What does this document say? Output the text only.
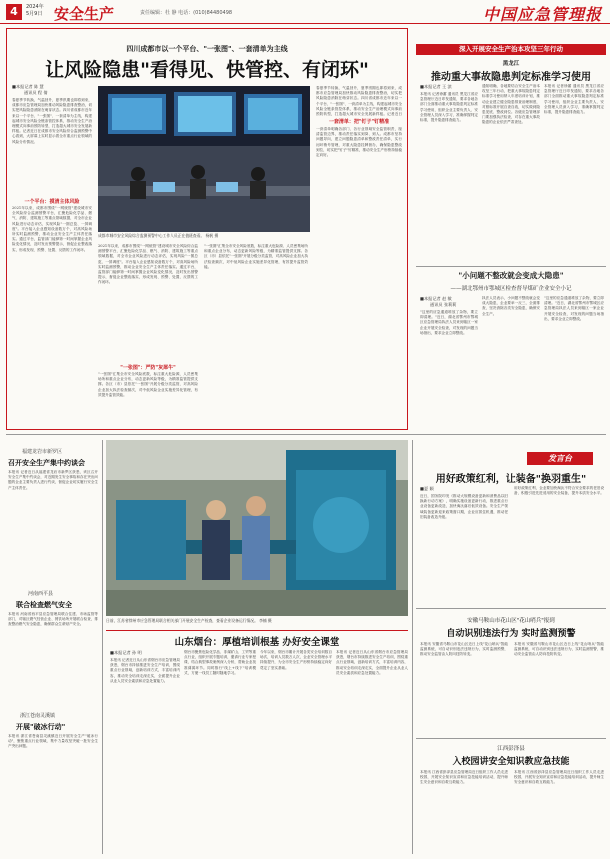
4	2024年
5月9日 安全生产	责任编辑：杜 静 电话：(010)84480498	中国应急管理报
四川成都市以一个平台、"一张图"、一套清单为主线
让风险隐患"看得见、快管控、有闭环"
■本报记者 陈 慧
通讯员 程 倩
春夏季节转换，气温回升，夏季汛期也即将到来，成都市应急管理局加快推动风险隐患排查整治，切实把风险隐患消除在萌芽状态。四川省成都市近年来以一个平台、"一张图"、一套清单为主线，构建起城市安全风险全链条管控体系，推动安全生产治理模式向事前预防转型，打造超大城市安全发展新样板。记者近日在成都市安全风险综合监测预警中心看到，大屏幕上实时显示着全市重点行业领域的风险分布情况。
一个平台：摸清主体风险
2021年以来，成都市围绕"一网统管"建设城市安全风险综合监测预警平台，汇聚危险化学品、燃气、消防、建筑施工等重点领域数据，对全市企业风险进行动态评估，实现风险"一图总览、一屏调度"。平台接入企业感知设备数万个，对高风险场所实时监测预警，推动企业安全生产主体责任落实。通过平台，监管部门能够第一时间掌握企业风险变化情况，及时发出预警提示，督促企业整改落实，形成发现、预警、处置、反馈的工作闭环。
成都市城市安全风险综合监测预警中心工作人员正在值班查看。 杨帆 摄
2021年以来，成都市围绕"一网统管"建设城市安全风险综合监测预警平台，汇聚危险化学品、燃气、消防、建筑施工等重点领域数据，对全市企业风险进行动态评估，实现风险"一图总览、一屏调度"。平台接入企业感知设备数万个，对高风险场所实时监测预警，推动企业安全生产主体责任落实。通过平台，监管部门能够第一时间掌握企业风险变化情况，及时发出预警提示，督促企业整改落实，形成发现、预警、处置、反馈的工作闭环。
"一张图"：严防"灰犀牛"
"一张图"汇集全市安全风险底数，标注重大危险源、人员密集场所和重点企业分布，动态更新风险等级，为精准监管提供支撑。各区（市）县依托"一张图"开展分级分类监管，对高风险企业加大执法检查频次，对中低风险企业实施差异化管理，有效提升监管效能。
"一张图"汇集全市安全风险底数，标注重大危险源、人员密集场所和重点企业分布，动态更新风险等级，为精准监管提供支撑。各区（市）县依托"一张图"开展分级分类监管，对高风险企业加大执法检查频次，对中低风险企业实施差异化管理，有效提升监管效能。
春夏季节转换，气温回升，夏季汛期也即将到来，成都市应急管理局加快推动风险隐患排查整治，切实把风险隐患消除在萌芽状态。四川省成都市近年来以一个平台、"一张图"、一套清单为主线，构建起城市安全风险全链条管控体系，推动安全生产治理模式向事前预防转型，打造超大城市安全发展新样板。记者近日
一套清单：把"钉子"钉精准
一套清单明确各部门、各行业领域安全监管职责，厘清监管边界，推动责任落实到岗、到人。成都市坚持问题导向，建立问题隐患清单和整改责任清单，实行闭环销号管理，对重大隐患挂牌督办，确保隐患整改到位，切实把"钉子"钉精准，推动安全生产形势持续稳定向好。
深入开展安全生产治本攻坚三年行动
黑龙江
推动重大事故隐患判定标准学习使用
■本报记者 王 滨
本报讯 记者徐蓄 通讯员 黑龙江省应急管理厅近日印发通知，要求各地各部门全面推动重大事故隐患判定标准学习使用，组织企业主要负责人、安全管理人员深入学习，准确掌握判定标准，提升隐患排查能力。
通知明确，各地要结合安全生产治本攻坚三年行动，把重大事故隐患判定标准学习使用纳入年度培训计划，推动企业建立健全隐患排查治理制度，对照标准开展自查自改，切实做到隐患见底、整改到位。各级应急管理部门要加强执法检查，对存在重大事故隐患的企业依法严肃查处。
本报讯 记者徐蓄 通讯员 黑龙江省应急管理厅近日印发通知，要求各地各部门全面推动重大事故隐患判定标准学习使用，组织企业主要负责人、安全管理人员深入学习，准确掌握判定标准，提升隐患排查能力。
"小问题不整改就会变成大隐患"
——湖北鄂州市鄂城区检查督导煤矿企业安全小记
■本报记者 赵 敏
通讯员 张莉莉
"这里的应急通道堆放了杂物，要立即清理。"近日，湖北省鄂州市鄂城区应急管理局执法人员来到辖区一家企业开展安全检查，对发现的问题当场指出，要求企业立即整改。
执法人员表示，小问题不整改就会变成大隐患，企业要举一反三，全面排查，坚决消除各类安全隐患，确保安全生产。
"这里的应急通道堆放了杂物，要立即清理。"近日，湖北省鄂州市鄂城区应急管理局执法人员来到辖区一家企业开展安全检查，对发现的问题当场指出，要求企业立即整改。
福建龙岩市新罗区
召开安全生产集中约谈会
本报讯 记者近日从福建省龙岩市新罗区获悉，该区召开安全生产集中约谈会，对近期发生安全事故和存在突出问题的企业主要负责人进行约谈，督促企业切实履行安全生产主体责任。
河南西平县
联合检查燃气安全
本报讯 河南省西平县应急管理局联合住建、市场监管等部门，对辖区燃气经营企业、餐饮场所开展联合检查，排查整治燃气安全隐患，确保群众生命财产安全。
浙江苍南灵溪镇
开展"破冰行动"
本报讯 浙江省苍南县灵溪镇近日开展安全生产"破冰行动"，聚焦重点行业领域，集中力量攻坚突破一批安全生产突出问题。
日前，江苏省徐州市应急管理局联合相关部门开展安全生产检查，查看企业设备运行情况。 李楠 摄
山东烟台：厚植培训根基 办好安全课堂
■本报记者 孙 明
本报讯 记者近日从山东省烟台市应急管理局获悉，烟台市持续推进安全生产培训，围绕重点行业领域，创新培训方式，丰富培训内容，推动安全培训走深走实，全面提升企业从业人员安全素质和应急处置能力。
烟台市聚焦危险化学品、非煤矿山、工贸等重点行业，组织开展专题培训，邀请行业专家授课，结合典型事故案例深入分析，帮助企业找准薄弱环节。同时推行"线上+线下"培训模式，方便一线员工随时随地学习。
今年以来，烟台市累计开展各类安全培训数百场次，培训人员数万人次，企业安全管理水平持续提升，为全市安全生产形势持续稳定向好奠定了坚实基础。
本报讯 记者近日从山东省烟台市应急管理局获悉，烟台市持续推进安全生产培训，围绕重点行业领域，创新培训方式，丰富培训内容，推动安全培训走深走实，全面提升企业从业人员安全素质和应急处置能力。
发言台
用好政策红利，让装备"换羽重生"
■夏 颖
近日，国务院印发《推动大规模设备更新和消费品以旧换新行动方案》，明确实施设备更新行动，推进重点行业设备更新改造，加快淘汰落后低效设备。安全生产领域装备更新迎来政策窗口期，企业应抓住机遇，推动老旧装备改造升级。
用好政策红利，企业要加快淘汰不符合安全要求的老旧设备，积极引进先进适用的安全装备，提升本质安全水平。
安徽马鞍山市花山区"花山哨兵"报到
自动识别违法行为 实时监测预警
本报讯 安徽省马鞍山市花山区近日上线"花山哨兵"智能监测系统，可自动识别违法违规行为，实时监测预警，推动安全监管由人防向技防转变。
本报讯 安徽省马鞍山市花山区近日上线"花山哨兵"智能监测系统，可自动识别违法违规行为，实时监测预警，推动安全监管由人防向技防转变。
江西彭泽县
入校园讲安全知识教应急技能
本报讯 江西省彭泽县应急管理局近日组织工作人员走进校园，开展安全知识宣讲和应急技能培训活动，提升师生安全意识和自救互救能力。
本报讯 江西省彭泽县应急管理局近日组织工作人员走进校园，开展安全知识宣讲和应急技能培训活动，提升师生安全意识和自救互救能力。
